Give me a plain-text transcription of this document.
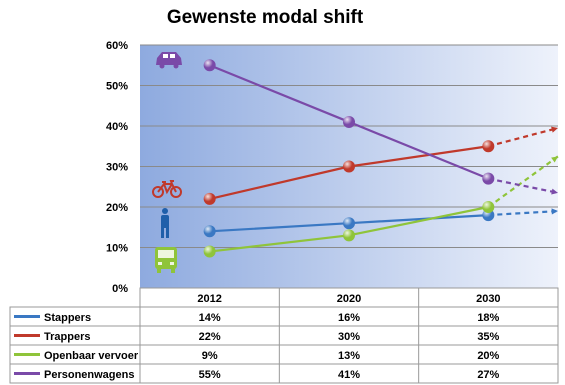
Gewenste modal shift
0%
10%
20%
30%
40%
50%
60%
2012	2020	2030
Stappers	14%	16%	18%
Trappers	22%	30%	35%
Openbaar vervoer	9%	13%	20%
Personenwagens	55%	41%	27%
